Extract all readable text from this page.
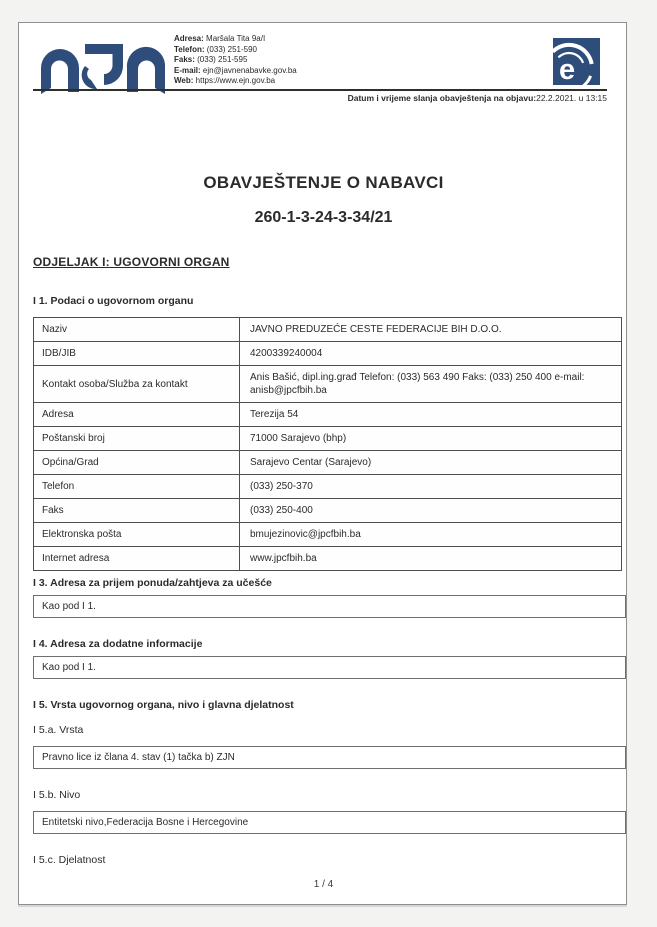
Adresa: Maršala Tita 9a/I
Telefon: (033) 251-590
Faks: (033) 251-595
E-mail: ejn@javnenabavke.gov.ba
Web: https://www.ejn.gov.ba	e
Datum i vrijeme slanja obavještenja na objavu:22.2.2021. u 13:15
OBAVJEŠTENJE O NABAVCI
260-1-3-24-3-34/21
ODJELJAK I: UGOVORNI ORGAN
I 1. Podaci o ugovornom organu
Naziv	JAVNO PREDUZEĆE CESTE FEDERACIJE BIH D.O.O.
IDB/JIB	4200339240004
Kontakt osoba/Služba za kontakt	Anis Bašić, dipl.ing.građ Telefon: (033) 563 490 Faks: (033) 250 400 e-mail: anisb@jpcfbih.ba
Adresa	Terezija 54
Poštanski broj	71000 Sarajevo (bhp)
Općina/Grad	Sarajevo Centar (Sarajevo)
Telefon	(033) 250-370
Faks	(033) 250-400
Elektronska pošta	bmujezinovic@jpcfbih.ba
Internet adresa	www.jpcfbih.ba
I 3. Adresa za prijem ponuda/zahtjeva za učešće
Kao pod I 1.
I 4. Adresa za dodatne informacije
Kao pod I 1.
I 5. Vrsta ugovornog organa, nivo i glavna djelatnost
I 5.a. Vrsta
Pravno lice iz člana 4. stav (1) tačka b) ZJN
I 5.b. Nivo
Entitetski nivo,Federacija Bosne i Hercegovine
I 5.c. Djelatnost
1 / 4
